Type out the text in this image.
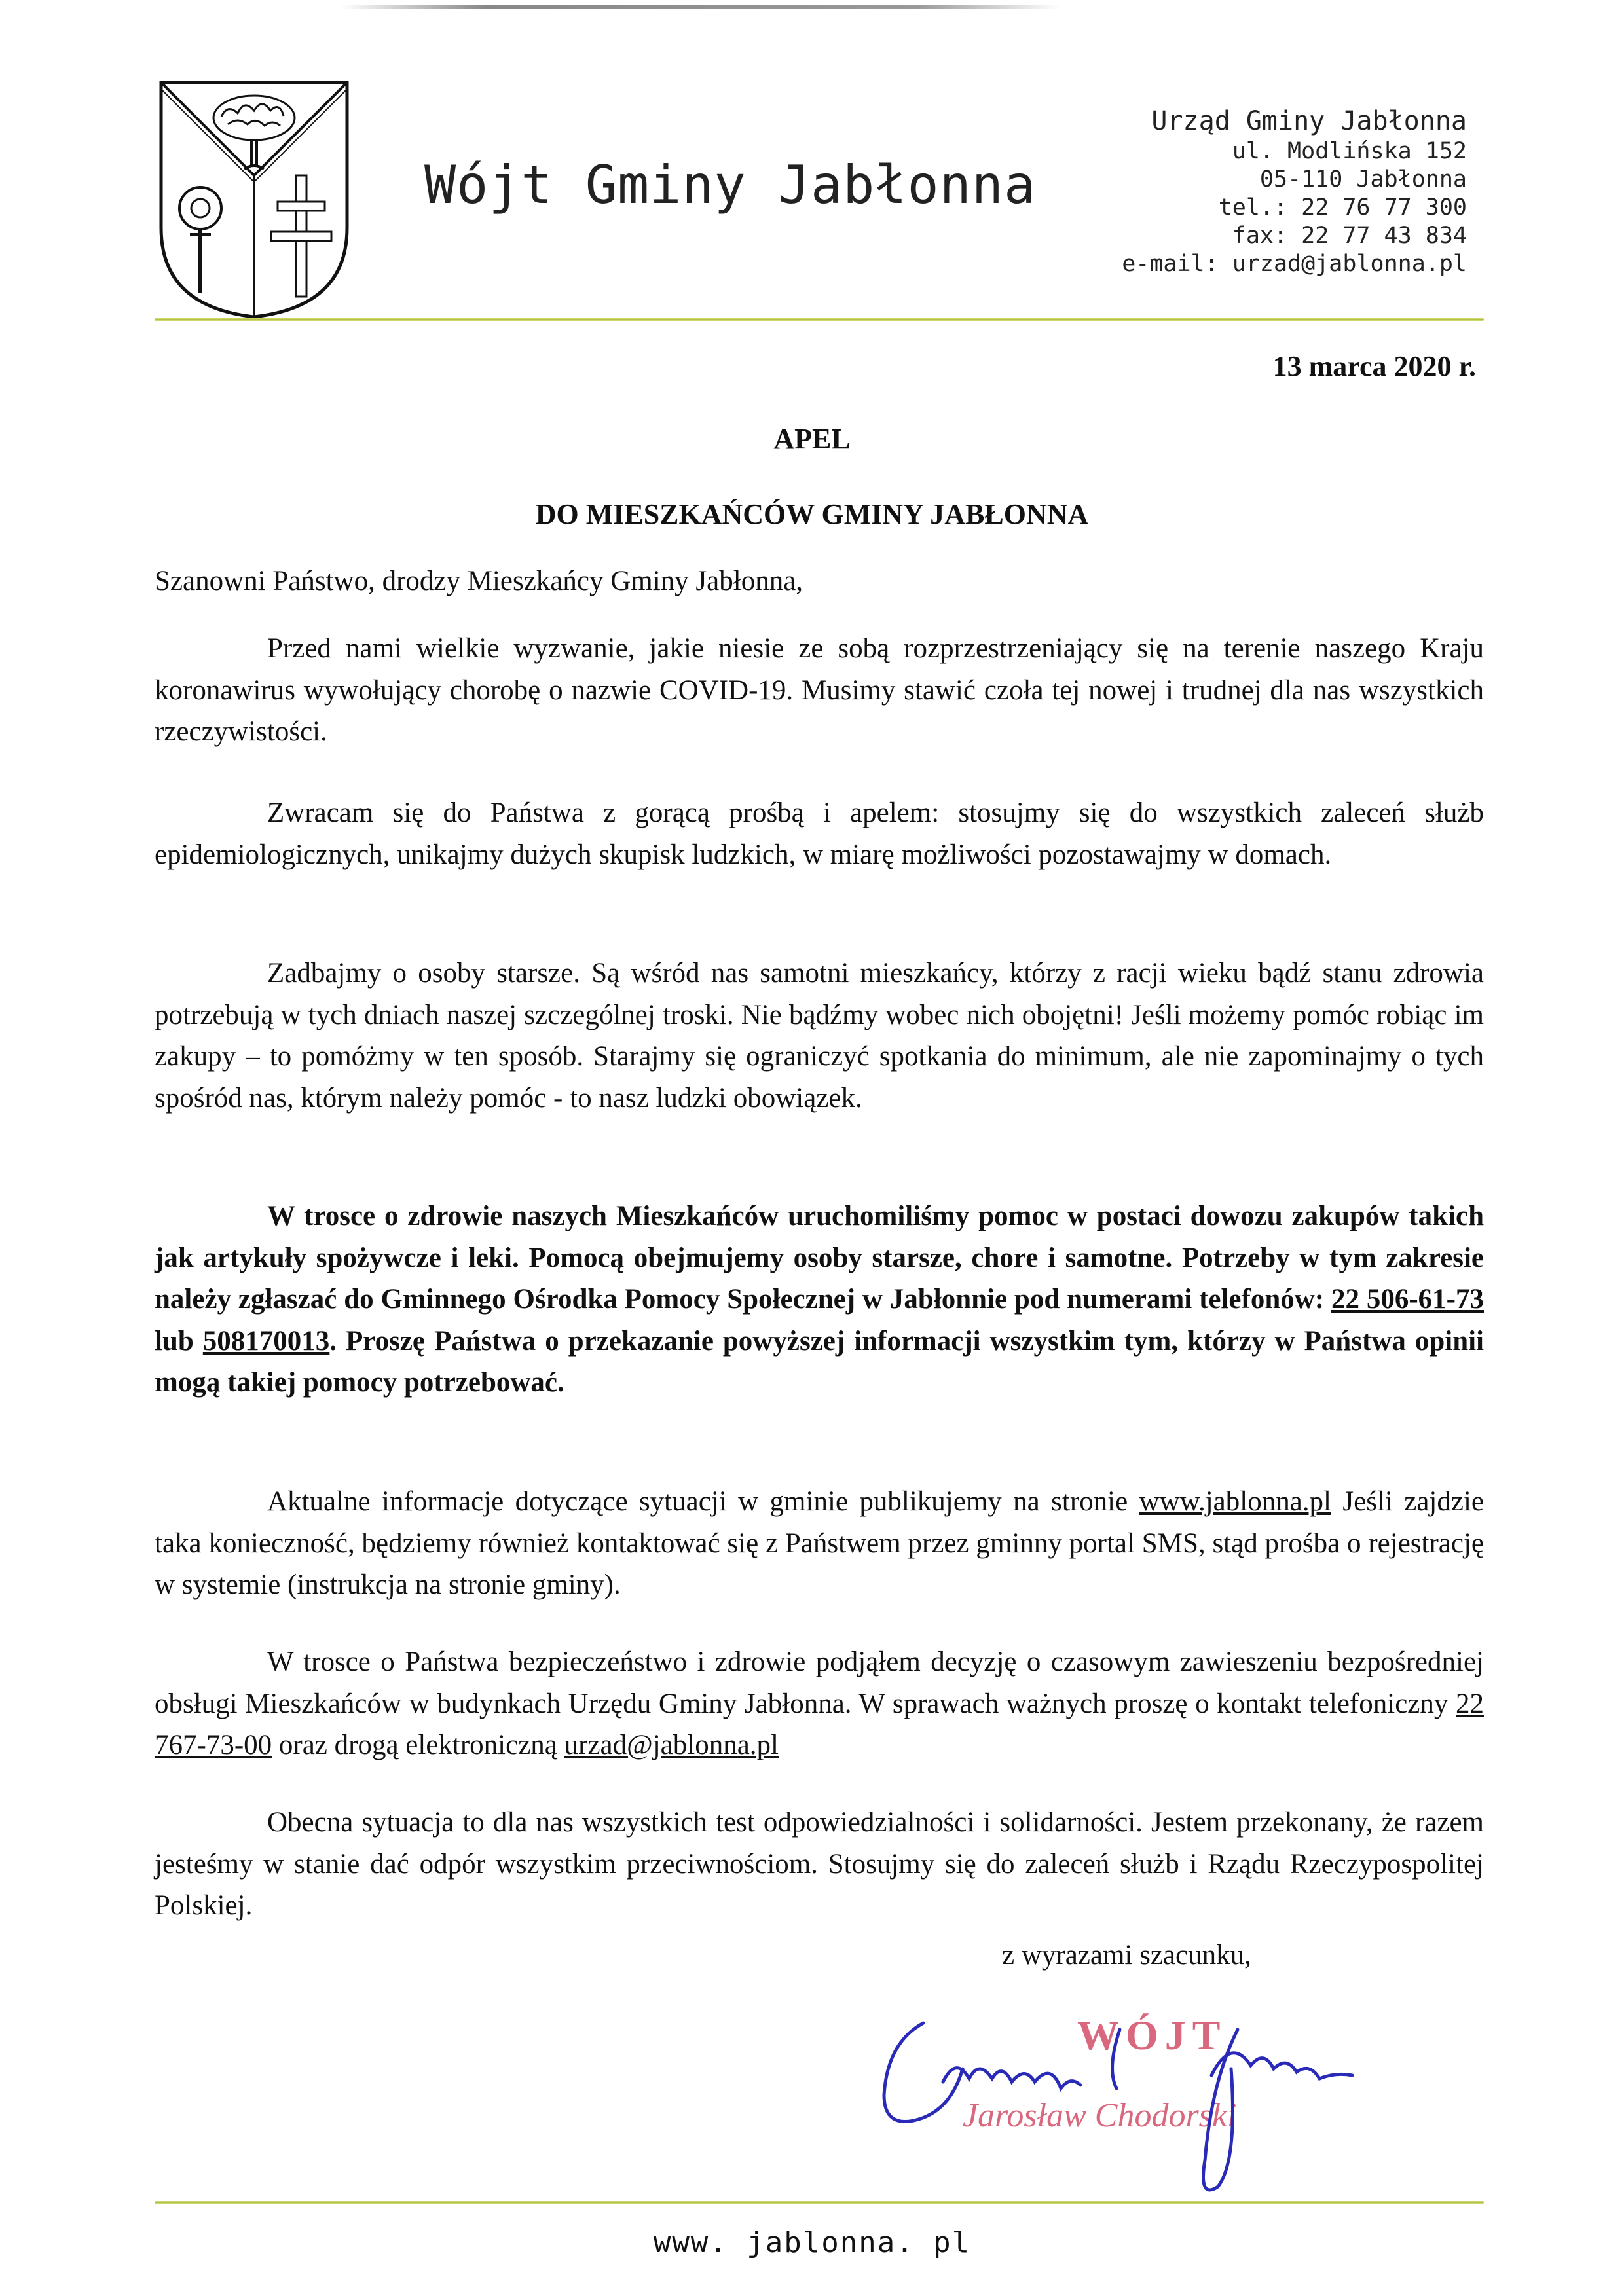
Wójt Gminy Jabłonna
Urząd Gminy Jabłonna
ul. Modlińska 152
05-110 Jabłonna
tel.: 22 76 77 300
fax: 22 77 43 834
e-mail: urzad@jablonna.pl
13 marca 2020 r.
APEL
DO MIESZKAŃCÓW GMINY JABŁONNA

Szanowni Państwo, drodzy Mieszkańcy Gminy Jabłonna,

Przed nami wielkie wyzwanie, jakie niesie ze sobą rozprzestrzeniający się na terenie naszego Kraju koronawirus wywołujący chorobę o nazwie COVID-19. Musimy stawić czoła tej nowej i trudnej dla nas wszystkich rzeczywistości.

Zwracam się do Państwa z gorącą prośbą i apelem: stosujmy się do wszystkich zaleceń służb epidemiologicznych, unikajmy dużych skupisk ludzkich, w miarę możliwości pozostawajmy w domach.

Zadbajmy o osoby starsze. Są wśród nas samotni mieszkańcy, którzy z racji wieku bądź stanu zdrowia potrzebują w tych dniach naszej szczególnej troski. Nie bądźmy wobec nich obojętni! Jeśli możemy pomóc robiąc im zakupy – to pomóżmy w ten sposób. Starajmy się ograniczyć spotkania do minimum, ale nie zapominajmy o tych spośród nas, którym należy pomóc - to nasz ludzki obowiązek.

W trosce o zdrowie naszych Mieszkańców uruchomiliśmy pomoc w postaci dowozu zakupów takich jak artykuły spożywcze i leki. Pomocą obejmujemy osoby starsze, chore i samotne. Potrzeby w tym zakresie należy zgłaszać do Gminnego Ośrodka Pomocy Społecznej w Jabłonnie pod numerami telefonów: 22 506-61-73 lub 508170013. Proszę Państwa o przekazanie powyższej informacji wszystkim tym, którzy w Państwa opinii mogą takiej pomocy potrzebować.

Aktualne informacje dotyczące sytuacji w gminie publikujemy na stronie www.jablonna.pl Jeśli zajdzie taka konieczność, będziemy również kontaktować się z Państwem przez gminny portal SMS, stąd prośba o rejestrację w systemie (instrukcja na stronie gminy).

W trosce o Państwa bezpieczeństwo i zdrowie podjąłem decyzję o czasowym zawieszeniu bezpośredniej obsługi Mieszkańców w budynkach Urzędu Gminy Jabłonna. W sprawach ważnych proszę o kontakt telefoniczny 22 767-73-00 oraz drogą elektroniczną urzad@jablonna.pl

Obecna sytuacja to dla nas wszystkich test odpowiedzialności i solidarności. Jestem przekonany, że razem jesteśmy w stanie dać odpór wszystkim przeciwnościom. Stosujmy się do zaleceń służb i Rządu Rzeczypospolitej Polskiej.

z wyrazami szacunku,
WÓJT
Jarosław Chodorski
www. jablonna. pl
